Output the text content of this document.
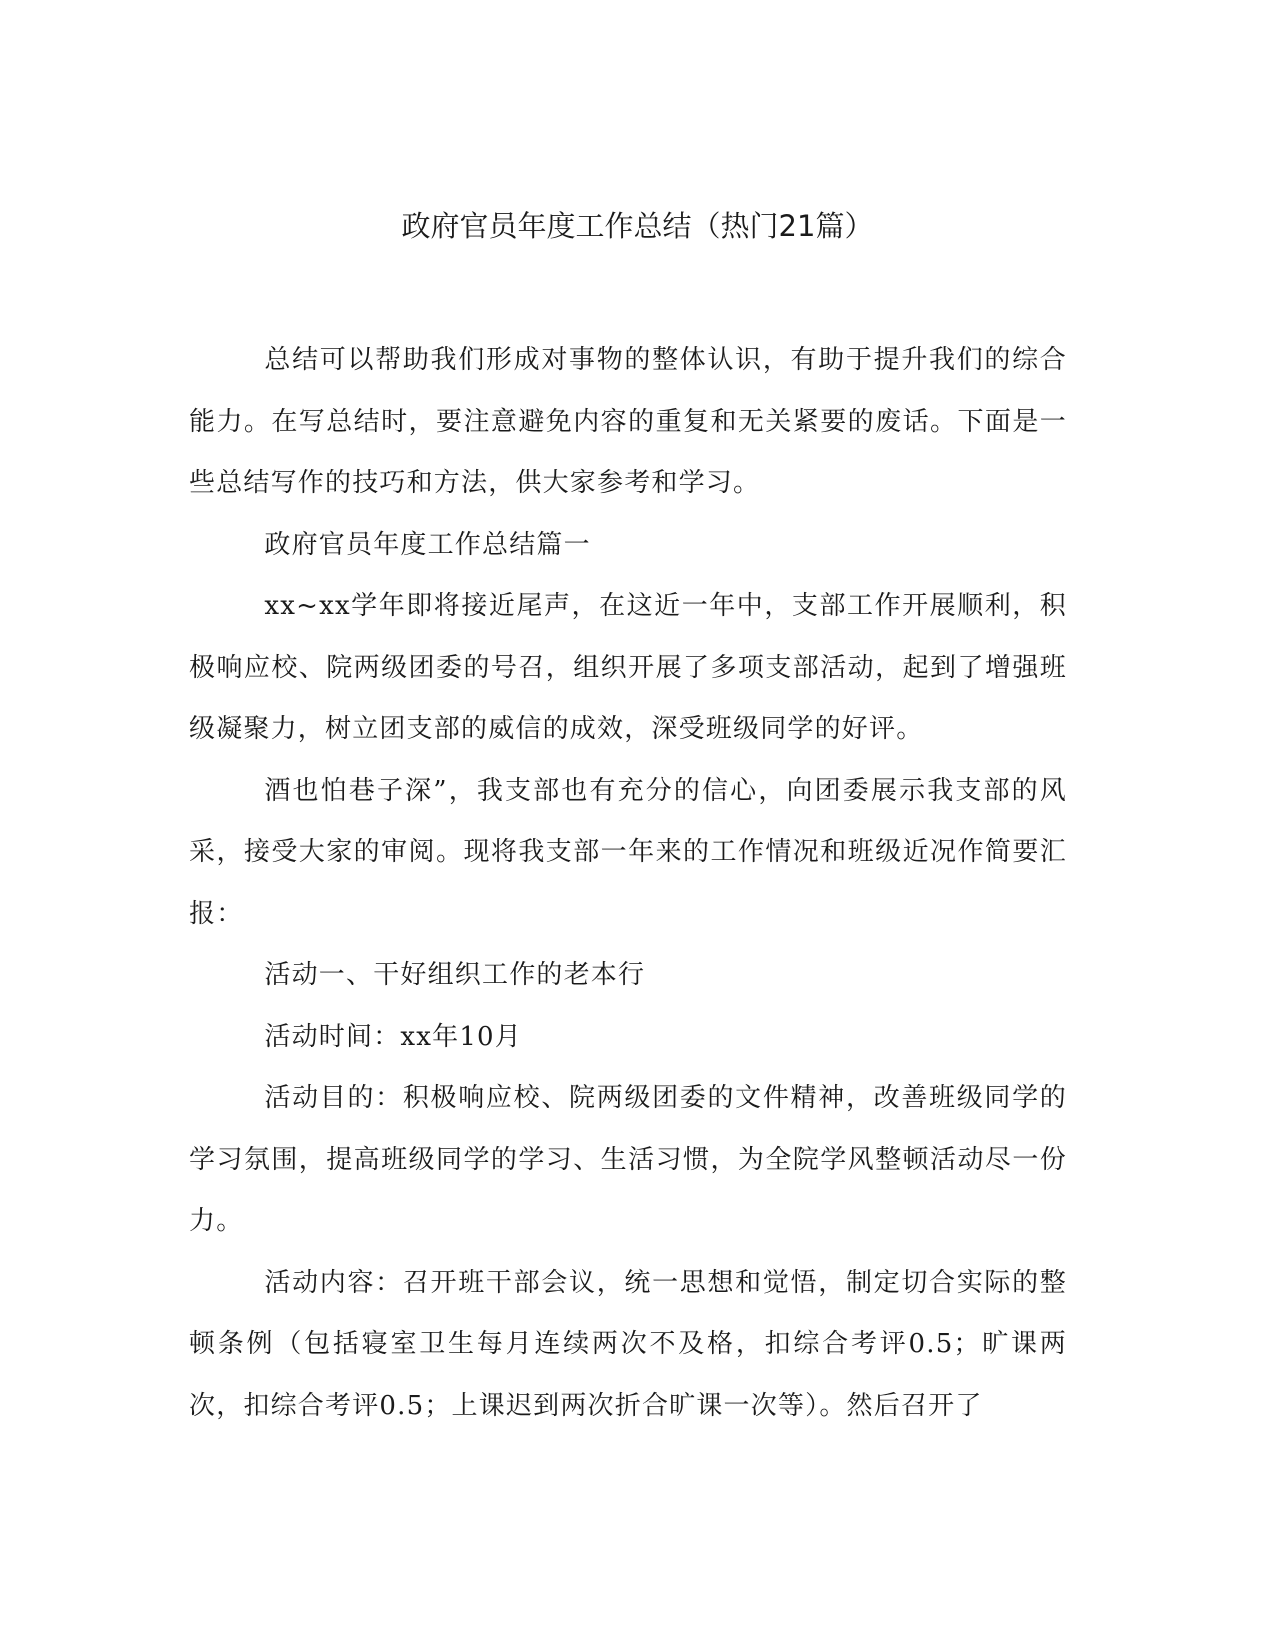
政府官员年度工作总结（热门21篇）

总结可以帮助我们形成对事物的整体认识，有助于提升我们的综合能力。在写总结时，要注意避免内容的重复和无关紧要的废话。下面是一些总结写作的技巧和方法，供大家参考和学习。

政府官员年度工作总结篇一

xx~xx学年即将接近尾声，在这近一年中，支部工作开展顺利，积极响应校、院两级团委的号召，组织开展了多项支部活动，起到了增强班级凝聚力，树立团支部的威信的成效，深受班级同学的好评。

酒也怕巷子深”，我支部也有充分的信心，向团委展示我支部的风采，接受大家的审阅。现将我支部一年来的工作情况和班级近况作简要汇报：

活动一、干好组织工作的老本行

活动时间：xx年10月

活动目的：积极响应校、院两级团委的文件精神，改善班级同学的学习氛围，提高班级同学的学习、生活习惯，为全院学风整顿活动尽一份力。

活动内容：召开班干部会议，统一思想和觉悟，制定切合实际的整顿条例（包括寝室卫生每月连续两次不及格，扣综合考评0.5；旷课两次，扣综合考评0.5；上课迟到两次折合旷课一次等）。然后召开了
